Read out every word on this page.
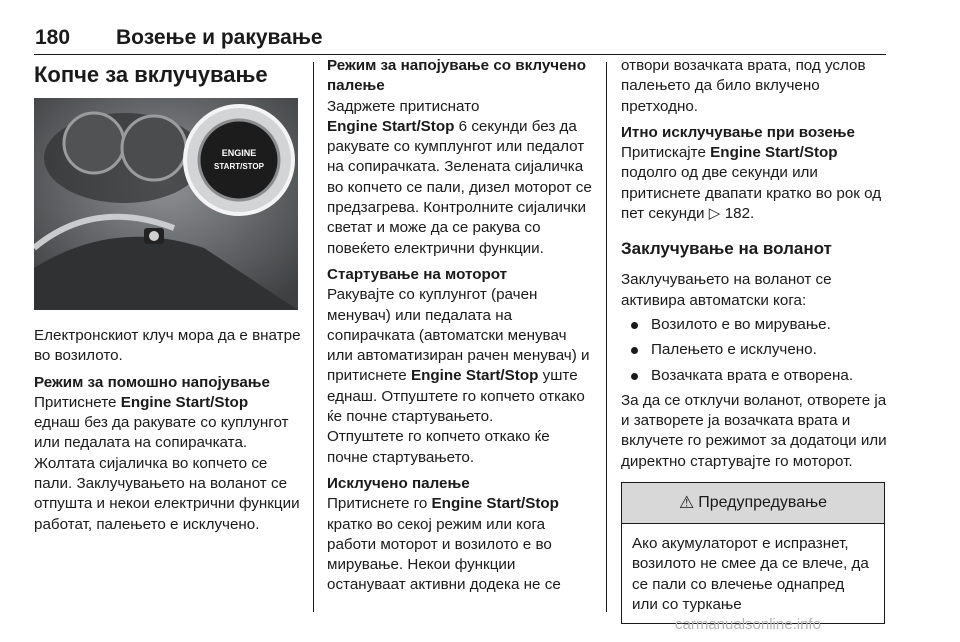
180 Возење и ракување
Копче за вклучување
ENGINE
START/STOP

Електронскиот клуч мора да е внатре во возилото.

Режим за помошно напојување

Притиснете Engine Start/Stop
еднаш без да ракувате со куплунгот или педалата на сопирачката. Жолтата сијаличка во копчето се пали. Заклучувањето на воланот се отпушта и некои електрични функции работат, палењето е исклучено.

Режим за напојување со вклучено палење

Задржете притиснато
Engine Start/Stop 6 секунди без да ракувате со кумплунгот или педалот на сопирачката. Зелената сијаличка во копчето се пали, дизел моторот се предзагрева. Контролните сијалички светат и може да се ракува со повеќето електрични функции.

Стартување на моторот

Ракувајте со куплунгот (рачен менувач) или педалата на сопирачката (автоматски менувач или автоматизиран рачен менувач) и притиснете Engine Start/Stop уште еднаш. Отпуштете го копчето откако ќе почне стартувањето.

Отпуштете го копчето откако ќе почне стартувањето.

Исклучено палење

Притиснете го Engine Start/Stop кратко во секој режим или кога работи моторот и возилото е во мирување. Некои функции остануваат активни додека не се

отвори возачката врата, под услов палењето да било вклучено претходно.

Итно исклучување при возење

Притискајте Engine Start/Stop подолго од две секунди или притиснете двапати кратко во рок од пет секунди ▷ 182.

Заклучување на воланот

Заклучувањето на воланот се активира автоматски кога:

Возилото е во мирување.
Палењето е исклучено.
Возачката врата е отворена.

За да се отклучи воланот, отворете ја и затворете ја возачката врата и вклучете го режимот за додатоци или директно стартувајте го моторот.

⚠ Предупредување
Ако акумулаторот е испразнет, возилото не смее да се влече, да се пали со влечење однапред или со туркање
carmanualsonline.info
